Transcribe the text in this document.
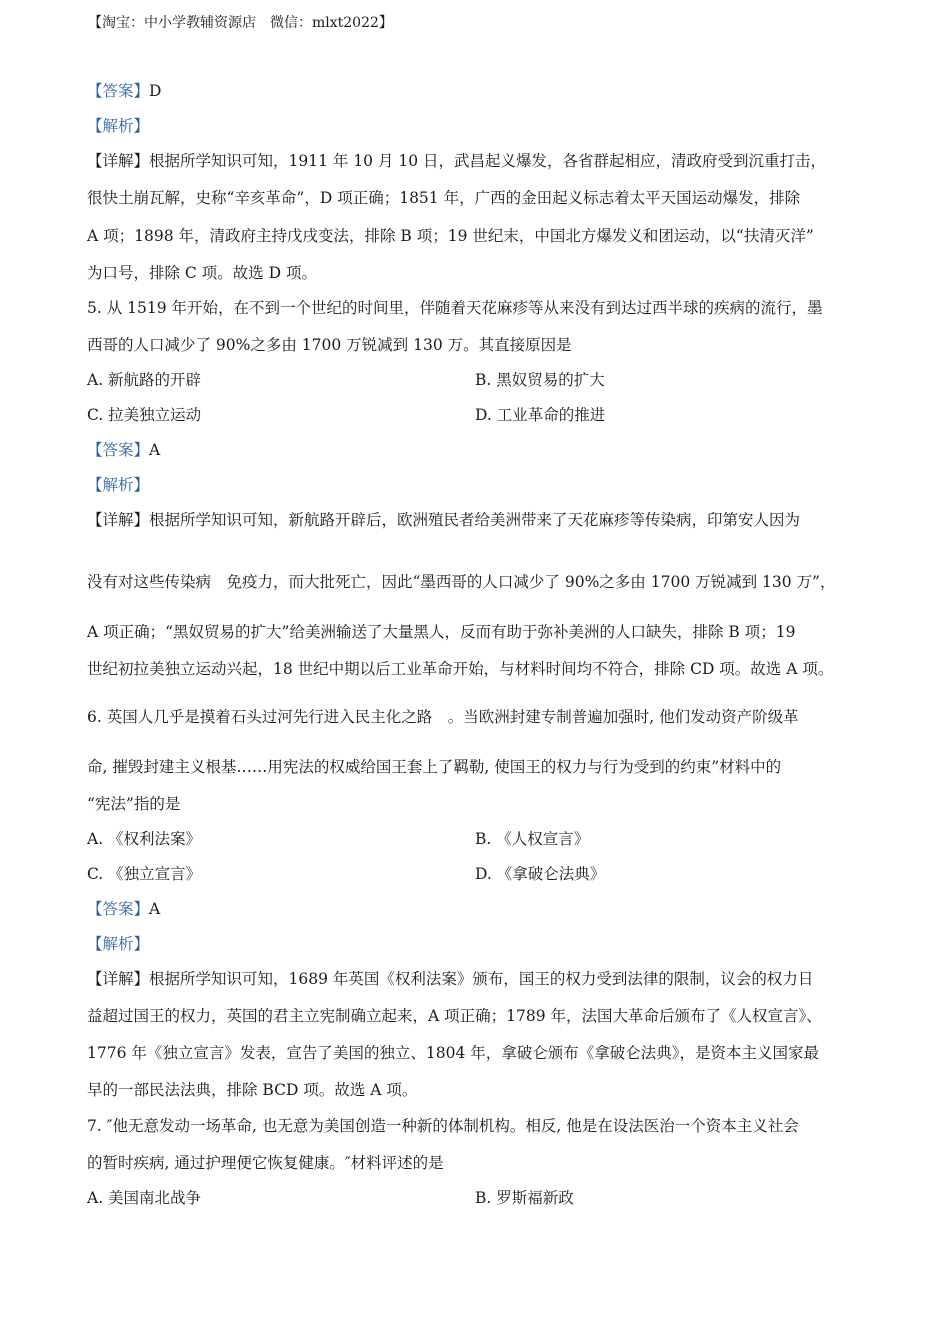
【淘宝：中小学教辅资源店　微信：mlxt2022】
【答案】D
【解析】
【详解】根据所学知识可知，1911 年 10 月 10 日，武昌起义爆发，各省群起相应，清政府受到沉重打击，
很快土崩瓦解，史称“辛亥革命”，D 项正确；1851 年，广西的金田起义标志着太平天国运动爆发，排除
A 项；1898 年，清政府主持戊戌变法，排除 B 项；19 世纪末，中国北方爆发义和团运动，以“扶清灭洋”
为口号，排除 C 项。故选 D 项。
5. 从 1519 年开始，在不到一个世纪的时间里，伴随着天花麻疹等从来没有到达过西半球的疾病的流行，墨
西哥的人口减少了 90%之多由 1700 万锐减到 130 万。其直接原因是
A. 新航路的开辟	B. 黑奴贸易的扩大
C. 拉美独立运动	D. 工业革命的推进
【答案】A
【解析】
【详解】根据所学知识可知，新航路开辟后，欧洲殖民者给美洲带来了天花麻疹等传染病，印第安人因为
没有对这些传染病　免疫力，而大批死亡，因此“墨西哥的人口减少了 90%之多由 1700 万锐减到 130 万”，
A 项正确；“黑奴贸易的扩大”给美洲输送了大量黑人，反而有助于弥补美洲的人口缺失，排除 B 项；19
世纪初拉美独立运动兴起，18 世纪中期以后工业革命开始，与材料时间均不符合，排除 CD 项。故选 A 项。
6. 英国人几乎是摸着石头过河先行进入民主化之路　。当欧洲封建专制普遍加强时, 他们发动资产阶级革
命, 摧毁封建主义根基……用宪法的权威给国王套上了羁勒, 使国王的权力与行为受到的约束”材料中的
“宪法”指的是
A. 《权利法案》	B. 《人权宣言》
C. 《独立宣言》	D. 《拿破仑法典》
【答案】A
【解析】
【详解】根据所学知识可知，1689 年英国《权利法案》颁布，国王的权力受到法律的限制，议会的权力日
益超过国王的权力，英国的君主立宪制确立起来，A 项正确；1789 年，法国大革命后颁布了《人权宣言》、
1776 年《独立宣言》发表，宣告了美国的独立、1804 年，拿破仑颁布《拿破仑法典》，是资本主义国家最
早的一部民法法典，排除 BCD 项。故选 A 项。
7. ″他无意发动一场革命, 也无意为美国创造一种新的体制机构。相反, 他是在设法医治一个资本主义社会
的暂时疾病, 通过护理便它恢复健康。″材料评述的是
A. 美国南北战争	B. 罗斯福新政
